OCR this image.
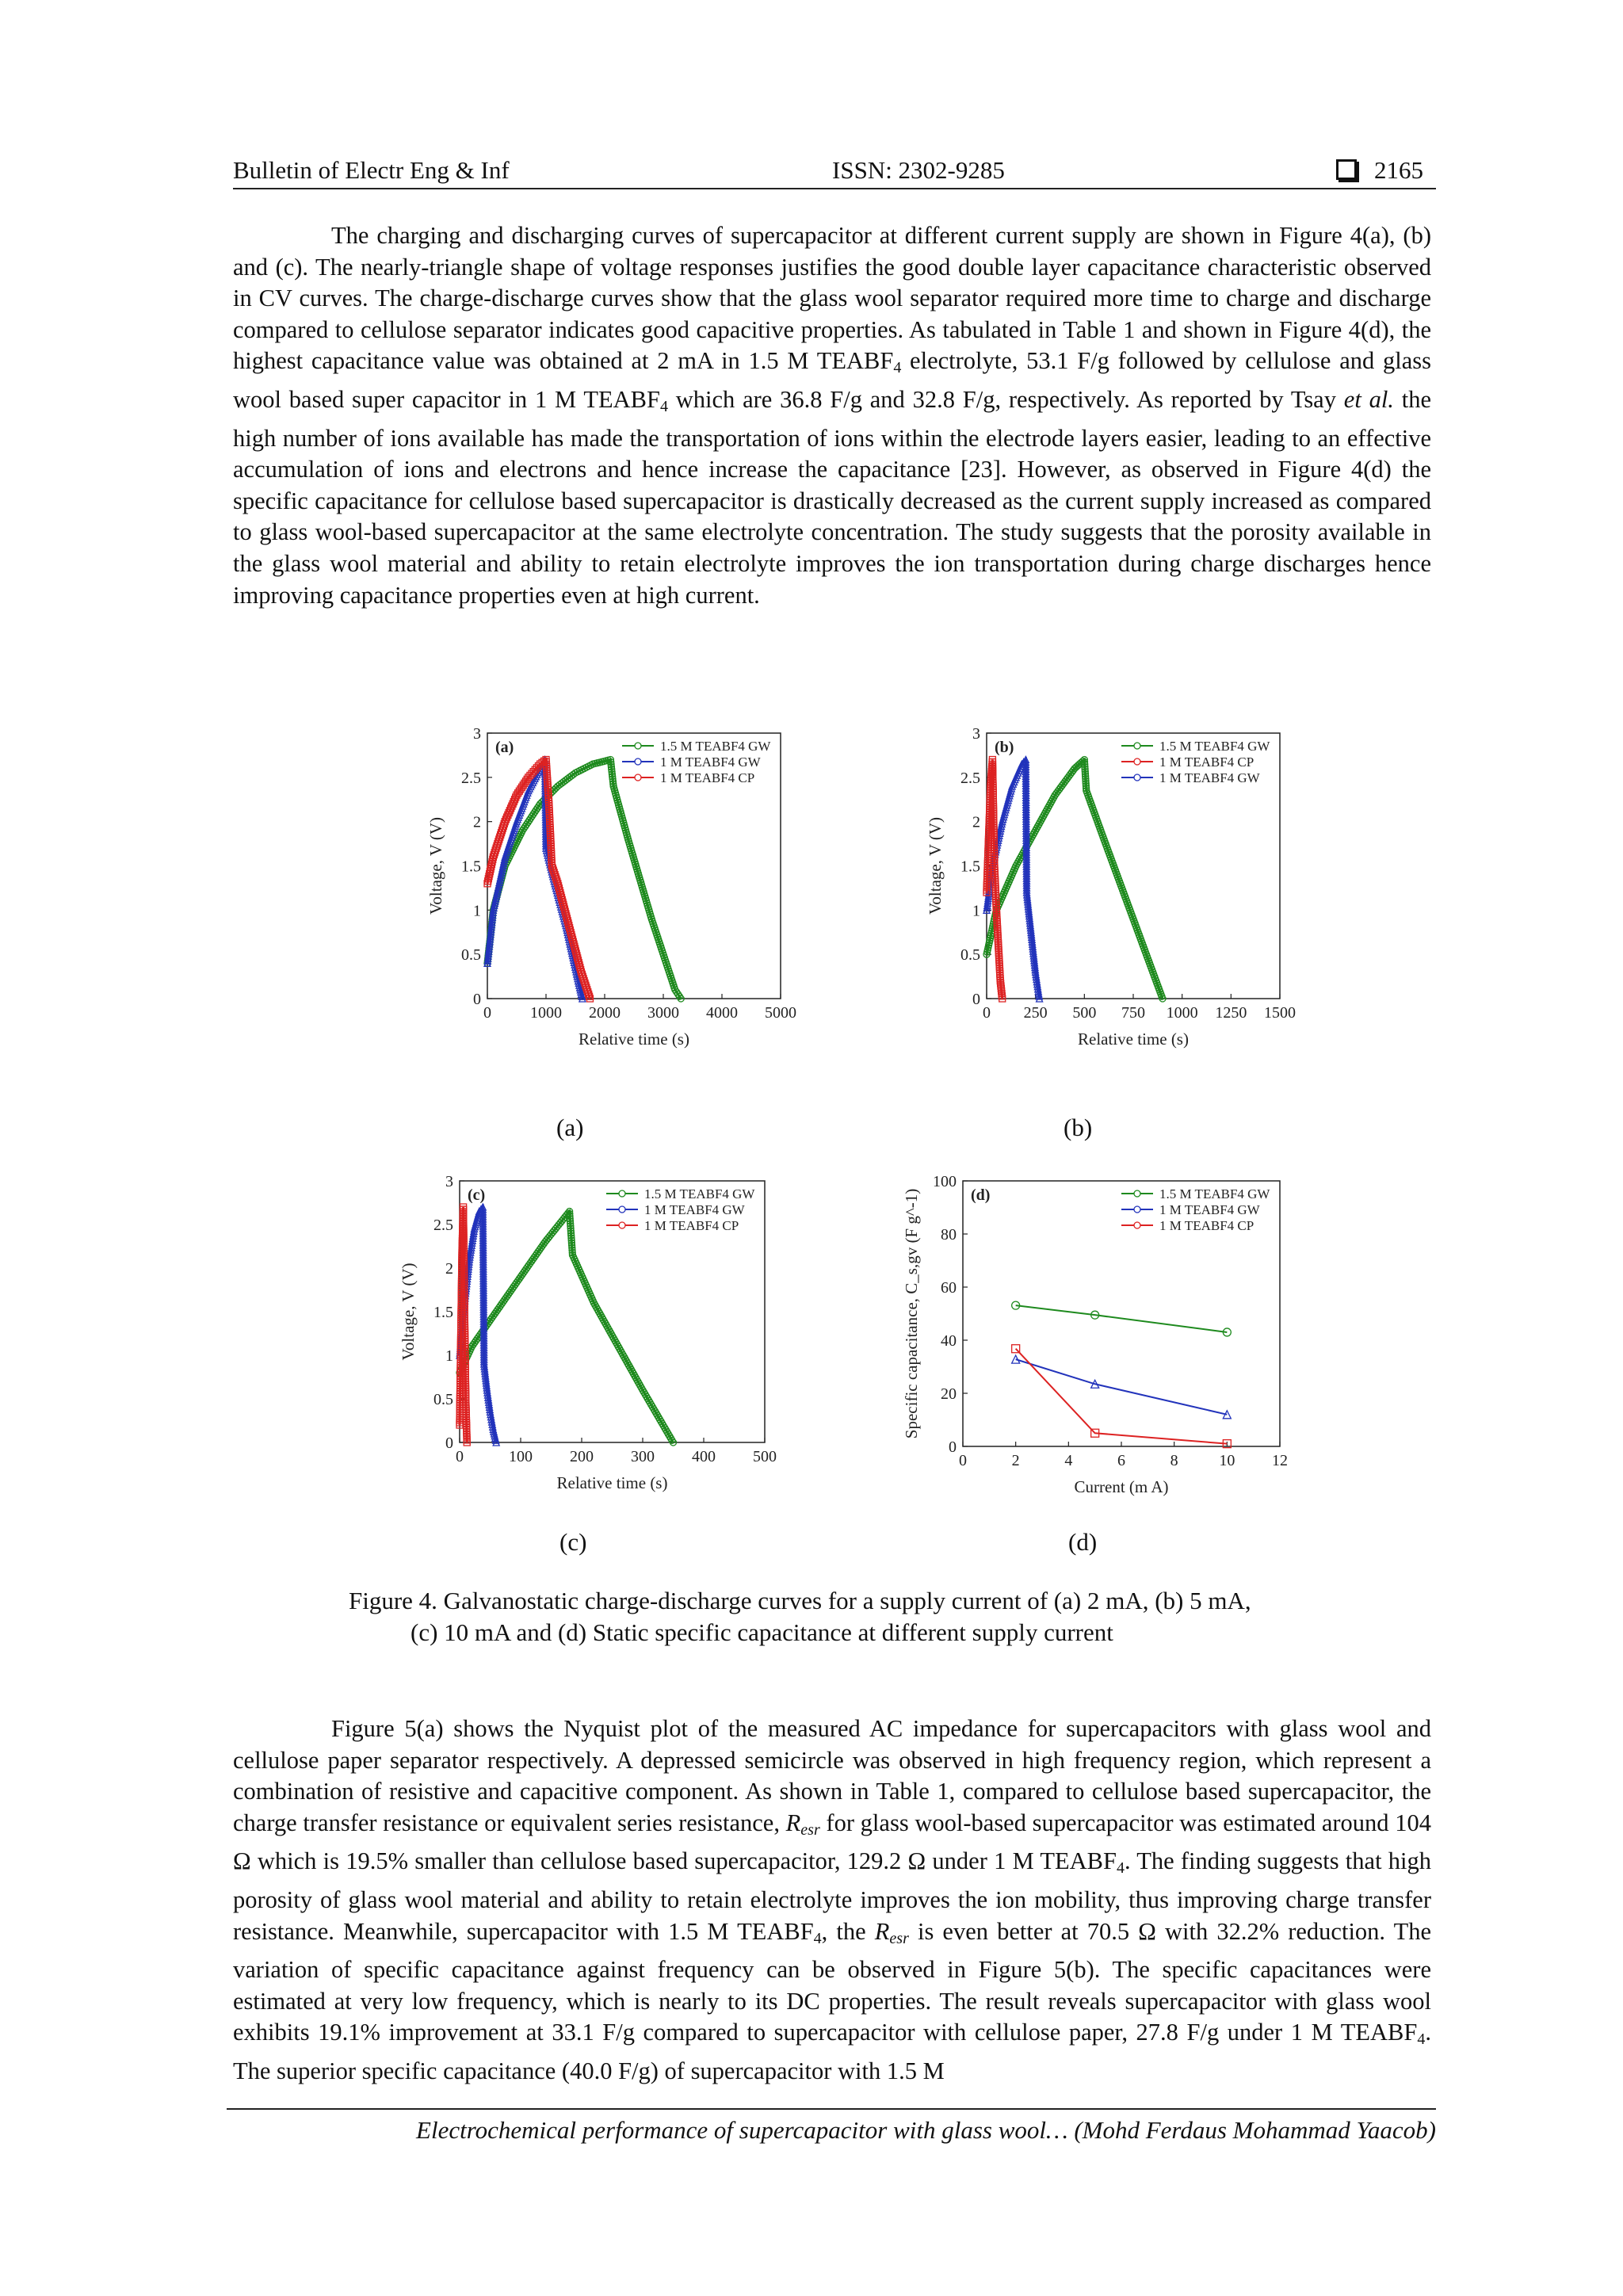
Bulletin of Electr Eng & Inf	ISSN: 2302-9285	2165

The charging and discharging curves of supercapacitor at different current supply are shown in Figure 4(a), (b) and (c). The nearly-triangle shape of voltage responses justifies the good double layer capacitance characteristic observed in CV curves. The charge-discharge curves show that the glass wool separator required more time to charge and discharge compared to cellulose separator indicates good capacitive properties. As tabulated in Table 1 and shown in Figure 4(d), the highest capacitance value was obtained at 2 mA in 1.5 M $TEABF_4$ electrolyte, 53.1 F/g followed by cellulose and glass wool based super capacitor in 1 M $TEABF_4$ which are 36.8 F/g and 32.8 F/g, respectively. As reported by Tsay et al. the high number of ions available has made the transportation of ions within the electrode layers easier, leading to an effective accumulation of ions and electrons and hence increase the capacitance [23]. However, as observed in Figure 4(d) the specific capacitance for cellulose based supercapacitor is drastically decreased as the current supply increased as compared to glass wool-based supercapacitor at the same electrolyte concentration. The study suggests that the porosity available in the glass wool material and ability to retain electrolyte improves the ion transportation during charge discharges hence improving capacitance properties even at high current.

0 1000 2000 3000 4000 5000
0
0.5
1
1.5
2
2.5
3
Relative time (s)
Voltage, V (V)
(a)	1.5 M TEABF4 GW
1 M TEABF4 GW
1 M TEABF4 CP
0 250 500 750 1000 1250 1500
0
0.5
1
1.5
2
2.5
3
Relative time (s)
Voltage, V (V)
(b)	1.5 M TEABF4 GW
1 M TEABF4 CP
1 M TEABF4 GW
0	100 200 300 400 500
0
0.5
1
1.5
2
2.5
3
Relative time (s)
Voltage, V (V)
(c)	1.5 M TEABF4 GW
1 M TEABF4 GW
1 M TEABF4 CP
0	2	4	6	8	10 12
0
20
40
60
80
100
Current (m A)
Specific capacitance, C_s,gv (F g^-1)	(d)	1.5 M TEABF4 GW
1 M TEABF4 GW
1 M TEABF4 CP
(a)	(b)
(c)	(d)
Figure 4. Galvanostatic charge-discharge curves for a supply current of (a) 2 mA, (b) 5 mA,
(c) 10 mA and (d) Static specific capacitance at different supply current

Figure 5(a) shows the Nyquist plot of the measured AC impedance for supercapacitors with glass wool and cellulose paper separator respectively. A depressed semicircle was observed in high frequency region, which represent a combination of resistive and capacitive component. As shown in Table 1, compared to cellulose based supercapacitor, the charge transfer resistance or equivalent series resistance, $R_{esr}$ for glass wool-based supercapacitor was estimated around 104 Ω which is 19.5% smaller than cellulose based supercapacitor, 129.2 Ω under 1 M $TEABF_4$. The finding suggests that high porosity of glass wool material and ability to retain electrolyte improves the ion mobility, thus improving charge transfer resistance. Meanwhile, supercapacitor with 1.5 M $TEABF_4$, the $R_{esr}$ is even better at 70.5 Ω with 32.2% reduction. The variation of specific capacitance against frequency can be observed in Figure 5(b). The specific capacitances were estimated at very low frequency, which is nearly to its DC properties. The result reveals supercapacitor with glass wool exhibits 19.1% improvement at 33.1 F/g compared to supercapacitor with cellulose paper, 27.8 F/g under 1 M $TEABF_4$. The superior specific capacitance (40.0 F/g) of supercapacitor with 1.5 M

Electrochemical performance of supercapacitor with glass wool… (Mohd Ferdaus Mohammad Yaacob)
